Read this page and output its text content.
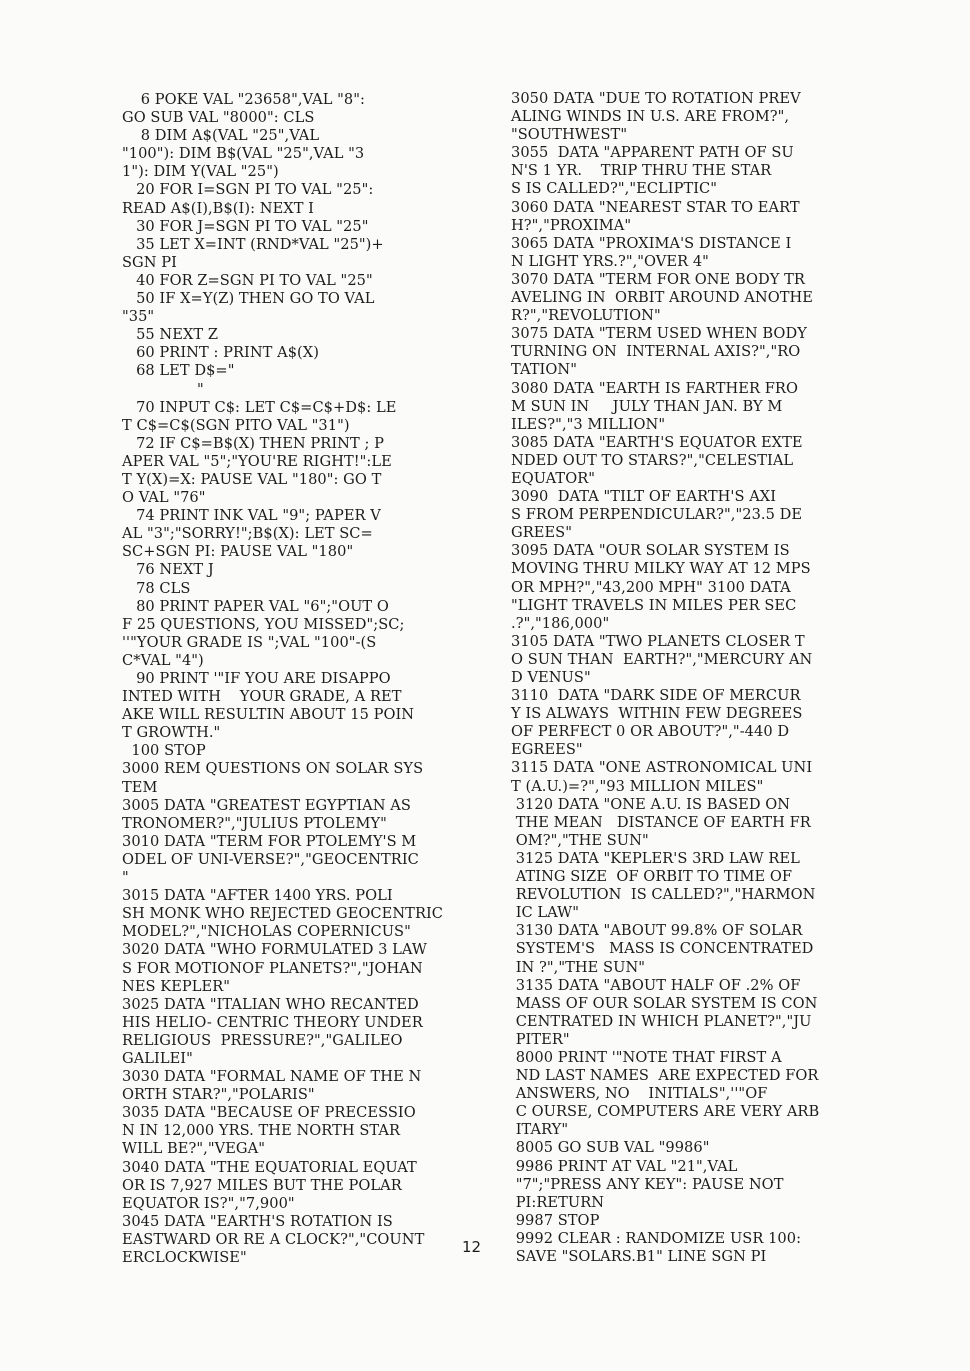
6 POKE VAL "23658",VAL "8":
GO SUB VAL "8000": CLS
8 DIM A$(VAL "25",VAL
"100"): DIM B$(VAL "25",VAL "3
1"): DIM Y(VAL "25")
20 FOR I=SGN PI TO VAL "25":
READ A$(I),B$(I): NEXT I
30 FOR J=SGN PI TO VAL "25"
35 LET X=INT (RND*VAL "25")+
SGN PI
40 FOR Z=SGN PI TO VAL "25"
50 IF X=Y(Z) THEN GO TO VAL
"35"
55 NEXT Z
60 PRINT : PRINT A$(X)
68 LET D$="
"
70 INPUT C$: LET C$=C$+D$: LE
T C$=C$(SGN PITO VAL "31")
72 IF C$=B$(X) THEN PRINT ; P
APER VAL "5";"YOU'RE RIGHT!":LE
T Y(X)=X: PAUSE VAL "180": GO T
O VAL "76"
74 PRINT INK VAL "9"; PAPER V
AL "3";"SORRY!";B$(X): LET SC=
SC+SGN PI: PAUSE VAL "180"
76 NEXT J
78 CLS
80 PRINT PAPER VAL "6";"OUT O
F 25 QUESTIONS, YOU MISSED";SC;
''"YOUR GRADE IS ";VAL "100"-(S
C*VAL "4")
90 PRINT '"IF YOU ARE DISAPPO
INTED WITH    YOUR GRADE, A RET
AKE WILL RESULTIN ABOUT 15 POIN
T GROWTH."
100 STOP
3000 REM QUESTIONS ON SOLAR SYS
TEM
3005 DATA "GREATEST EGYPTIAN AS
TRONOMER?","JULIUS PTOLEMY"
3010 DATA "TERM FOR PTOLEMY'S M
ODEL OF UNI-VERSE?","GEOCENTRIC
"
3015 DATA "AFTER 1400 YRS. POLI
SH MONK WHO REJECTED GEOCENTRIC
MODEL?","NICHOLAS COPERNICUS"
3020 DATA "WHO FORMULATED 3 LAW
S FOR MOTIONOF PLANETS?","JOHAN
NES KEPLER"
3025 DATA "ITALIAN WHO RECANTED
HIS HELIO- CENTRIC THEORY UNDER
RELIGIOUS  PRESSURE?","GALILEO
GALILEI"
3030 DATA "FORMAL NAME OF THE N
ORTH STAR?","POLARIS"
3035 DATA "BECAUSE OF PRECESSIO
N IN 12,000 YRS. THE NORTH STAR
WILL BE?","VEGA"
3040 DATA "THE EQUATORIAL EQUAT
OR IS 7,927 MILES BUT THE POLAR
EQUATOR IS?","7,900"
3045 DATA "EARTH'S ROTATION IS
EASTWARD OR RE A CLOCK?","COUNT
ERCLOCKWISE"
3050 DATA "DUE TO ROTATION PREV
ALING WINDS IN U.S. ARE FROM?",
"SOUTHWEST"
3055  DATA "APPARENT PATH OF SU
N'S 1 YR.    TRIP THRU THE STAR
S IS CALLED?","ECLIPTIC"
3060 DATA "NEAREST STAR TO EART
H?","PROXIMA"
3065 DATA "PROXIMA'S DISTANCE I
N LIGHT YRS.?","OVER 4"
3070 DATA "TERM FOR ONE BODY TR
AVELING IN  ORBIT AROUND ANOTHE
R?","REVOLUTION"
3075 DATA "TERM USED WHEN BODY
TURNING ON  INTERNAL AXIS?","RO
TATION"
3080 DATA "EARTH IS FARTHER FRO
M SUN IN     JULY THAN JAN. BY M
ILES?","3 MILLION"
3085 DATA "EARTH'S EQUATOR EXTE
NDED OUT TO STARS?","CELESTIAL
EQUATOR"
3090  DATA "TILT OF EARTH'S AXI
S FROM PERPENDICULAR?","23.5 DE
GREES"
3095 DATA "OUR SOLAR SYSTEM IS
MOVING THRU MILKY WAY AT 12 MPS
OR MPH?","43,200 MPH" 3100 DATA
"LIGHT TRAVELS IN MILES PER SEC
.?","186,000"
3105 DATA "TWO PLANETS CLOSER T
O SUN THAN  EARTH?","MERCURY AN
D VENUS"
3110  DATA "DARK SIDE OF MERCUR
Y IS ALWAYS  WITHIN FEW DEGREES
OF PERFECT 0 OR ABOUT?","-440 D
EGREES"
3115 DATA "ONE ASTRONOMICAL UNI
T (A.U.)=?","93 MILLION MILES"
3120 DATA "ONE A.U. IS BASED ON
THE MEAN   DISTANCE OF EARTH FR
OM?","THE SUN"
3125 DATA "KEPLER'S 3RD LAW REL
ATING SIZE  OF ORBIT TO TIME OF
REVOLUTION  IS CALLED?","HARMON
IC LAW"
3130 DATA "ABOUT 99.8% OF SOLAR
SYSTEM'S   MASS IS CONCENTRATED
IN ?","THE SUN"
3135 DATA "ABOUT HALF OF .2% OF
MASS OF OUR SOLAR SYSTEM IS CON
CENTRATED IN WHICH PLANET?","JU
PITER"
8000 PRINT '"NOTE THAT FIRST A
ND LAST NAMES  ARE EXPECTED FOR
ANSWERS, NO    INITIALS",''"OF
C OURSE, COMPUTERS ARE VERY ARB
ITARY"
8005 GO SUB VAL "9986"
9986 PRINT AT VAL "21",VAL
"7";"PRESS ANY KEY": PAUSE NOT
PI:RETURN
9987 STOP
9992 CLEAR : RANDOMIZE USR 100:
SAVE "SOLARS.B1" LINE SGN PI
12
